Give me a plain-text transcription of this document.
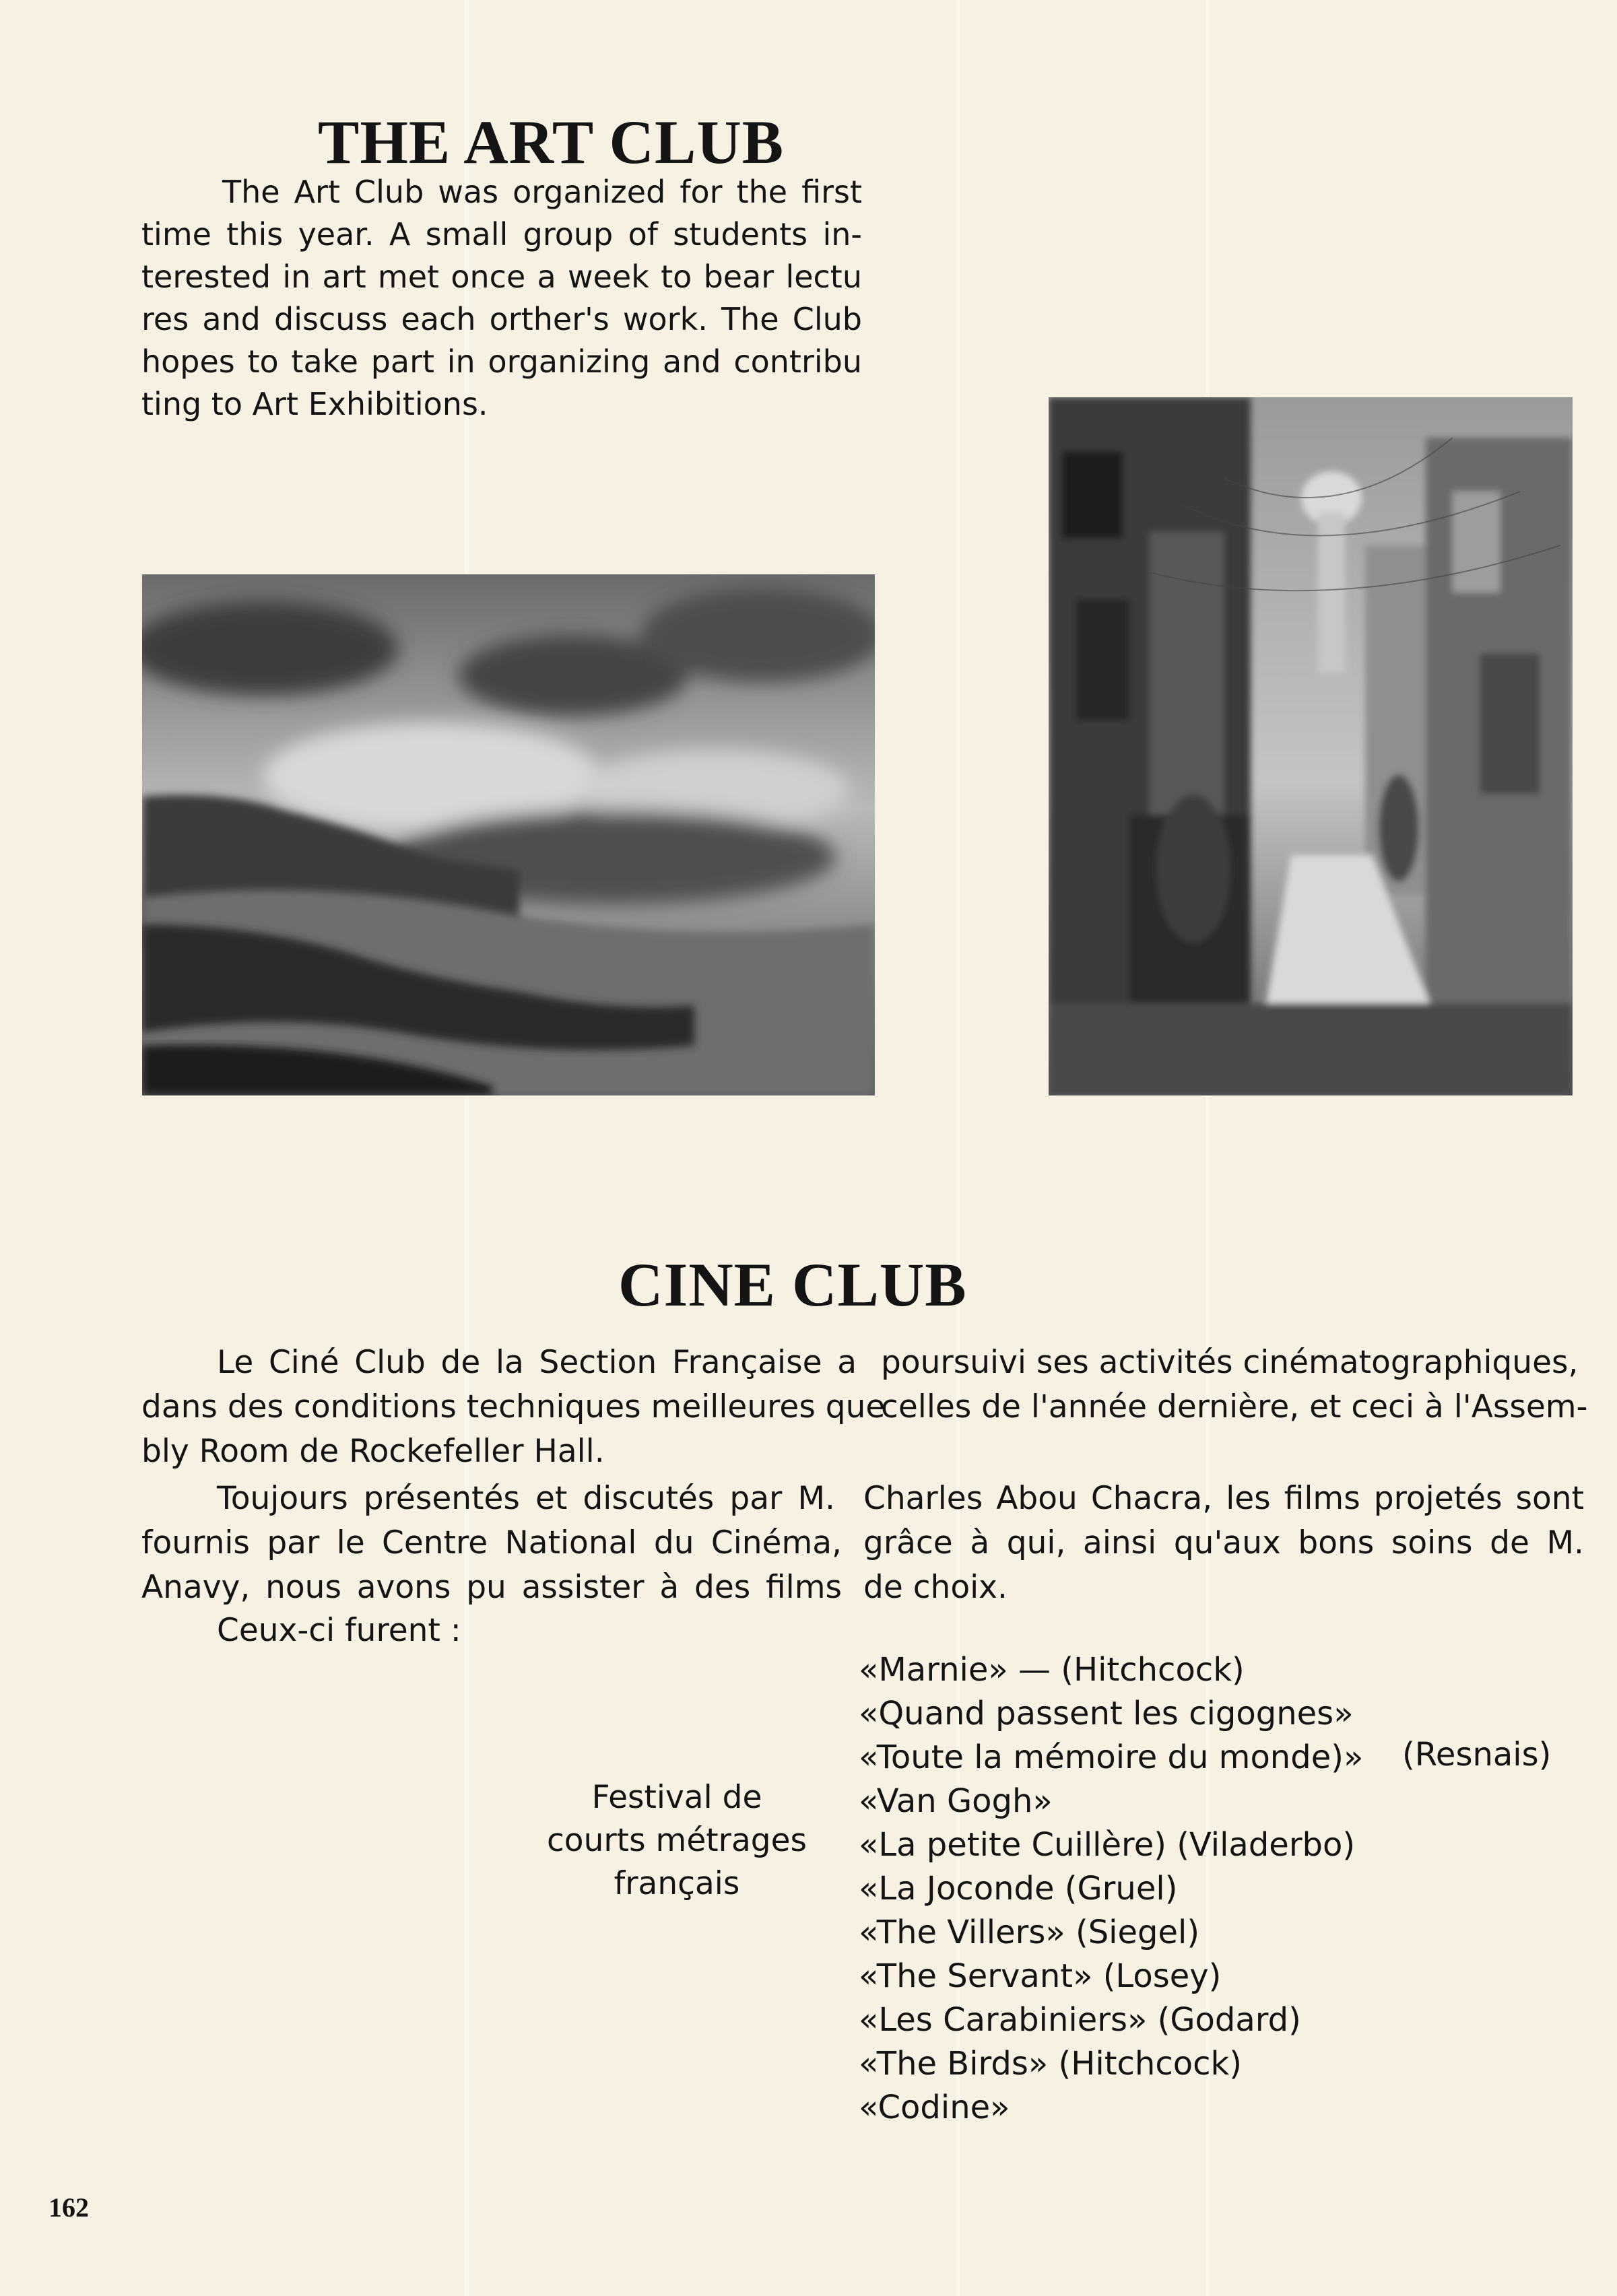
THE ART CLUB

The Art Club was organized for the first

time this year. A small group of students in-

terested in art met once a week to bear lectu

res and discuss each orther's work. The Club

hopes to take part in organizing and contribu

ting to Art Exhibitions.

CINE CLUB
Le Ciné Club de la Section Française a poursuivi ses activités cinématographiques,
dans des conditions techniques meilleures que
celles de l'année dernière, et ceci à l'Assem-
bly Room de Rockefeller Hall.
Toujours présentés et discutés par M. Charles Abou Chacra, les films projetés sont
fournis par le Centre National du Cinéma, grâce à qui, ainsi qu'aux bons soins de M.
Anavy, nous avons pu assister à des films de choix.
Ceux-ci furent :
Festival de
courts métrages
français
«Marnie» — (Hitchcock)
«Quand passent les cigognes»
«Toute la mémoire du monde)»
«Van Gogh»
«La petite Cuillère) (Viladerbo)
«La Joconde (Gruel)
«The Villers» (Siegel)
«The Servant» (Losey)
«Les Carabiniers» (Godard)
«The Birds» (Hitchcock)
«Codine»
(Resnais)
162
